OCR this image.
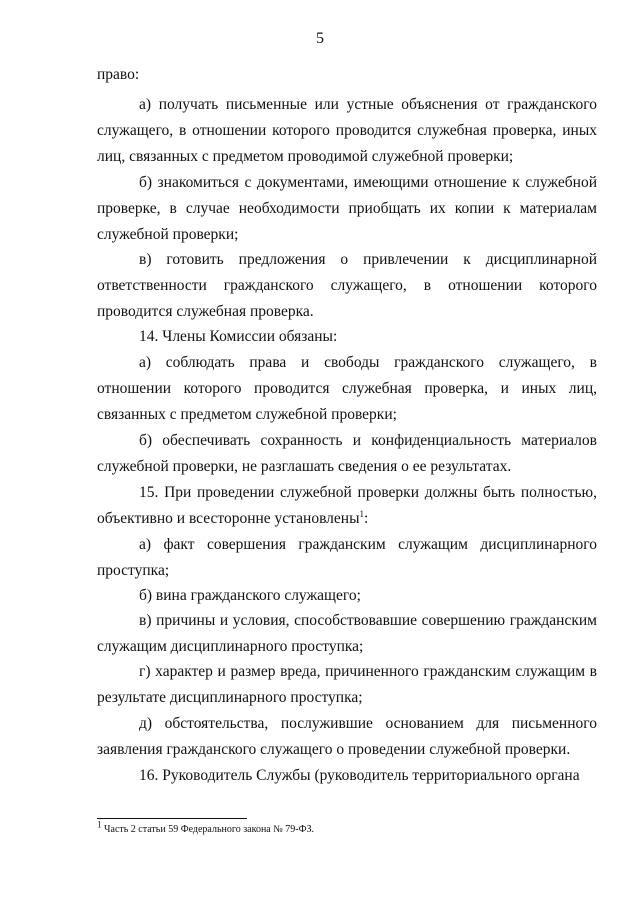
5

право:

а) получать письменные или устные объяснения от гражданского служащего, в отношении которого проводится служебная проверка, иных лиц, связанных с предметом проводимой служебной проверки;

б) знакомиться с документами, имеющими отношение к служебной проверке, в случае необходимости приобщать их копии к материалам служебной проверки;

в) готовить предложения о привлечении к дисциплинарной ответственности гражданского служащего, в отношении которого проводится служебная проверка.

14. Члены Комиссии обязаны:

а) соблюдать права и свободы гражданского служащего, в отношении которого проводится служебная проверка, и иных лиц, связанных с предметом служебной проверки;

б) обеспечивать сохранность и конфиденциальность материалов служебной проверки, не разглашать сведения о ее результатах.

15. При проведении служебной проверки должны быть полностью, объективно и всесторонне установлены$^1$:

а) факт совершения гражданским служащим дисциплинарного проступка;

б) вина гражданского служащего;

в) причины и условия, способствовавшие совершению гражданским служащим дисциплинарного проступка;

г) характер и размер вреда, причиненного гражданским служащим в результате дисциплинарного проступка;

д) обстоятельства, послужившие основанием для письменного заявления гражданского служащего о проведении служебной проверки.

16. Руководитель Службы (руководитель территориального органа

$^1$ Часть 2 статьи 59 Федерального закона № 79-ФЗ.
